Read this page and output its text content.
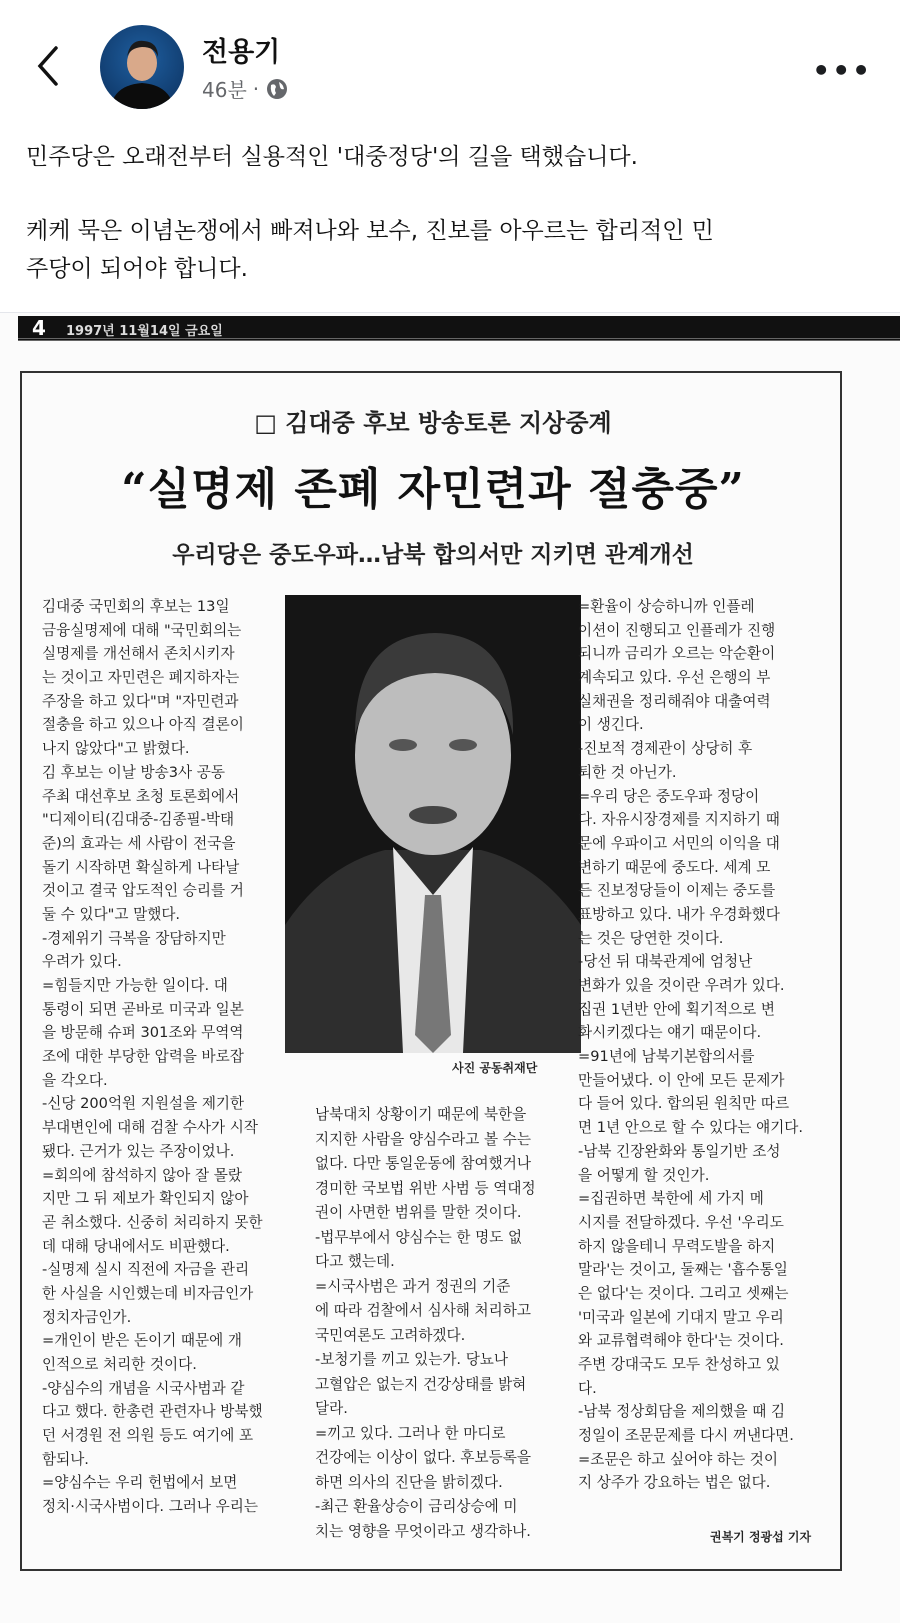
전용기
46분 ·
•••
민주당은 오래전부터 실용적인 '대중정당'의 길을 택했습니다.
케케 묵은 이념논쟁에서 빠져나와 보수, 진보를 아우르는 합리적인 민
주당이 되어야 합니다.
4 1997년 11월14일 금요일
□ 김대중 후보 방송토론 지상중계
“실명제 존폐 자민련과 절충중”
우리당은 중도우파…남북 합의서만 지키면 관계개선
사진 공동취재단
김대중 국민회의 후보는 13일
금융실명제에 대해 "국민회의는
실명제를 개선해서 존치시키자
는 것이고 자민련은 폐지하자는
주장을 하고 있다"며 "자민련과
절충을 하고 있으나 아직 결론이
나지 않았다"고 밝혔다.
김 후보는 이날 방송3사 공동
주최 대선후보 초청 토론회에서
"디제이티(김대중-김종필-박태
준)의 효과는 세 사람이 전국을
돌기 시작하면 확실하게 나타날
것이고 결국 압도적인 승리를 거
둘 수 있다"고 말했다.
-경제위기 극복을 장담하지만
우려가 있다.
=힘들지만 가능한 일이다. 대
통령이 되면 곧바로 미국과 일본
을 방문해 슈퍼 301조와 무역역
조에 대한 부당한 압력을 바로잡
을 각오다.
-신당 200억원 지원설을 제기한
부대변인에 대해 검찰 수사가 시작
됐다. 근거가 있는 주장이었나.
=회의에 참석하지 않아 잘 몰랐
지만 그 뒤 제보가 확인되지 않아
곧 취소했다. 신중히 처리하지 못한
데 대해 당내에서도 비판했다.
-실명제 실시 직전에 자금을 관리
한 사실을 시인했는데 비자금인가
정치자금인가.
=개인이 받은 돈이기 때문에 개
인적으로 처리한 것이다.
-양심수의 개념을 시국사범과 같
다고 했다. 한총련 관련자나 방북했
던 서경원 전 의원 등도 여기에 포
함되나.
=양심수는 우리 헌법에서 보면
정치·시국사범이다. 그러나 우리는
남북대치 상황이기 때문에 북한을
지지한 사람을 양심수라고 볼 수는
없다. 다만 통일운동에 참여했거나
경미한 국보법 위반 사범 등 역대정
권이 사면한 범위를 말한 것이다.
-법무부에서 양심수는 한 명도 없
다고 했는데.
=시국사범은 과거 정권의 기준
에 따라 검찰에서 심사해 처리하고
국민여론도 고려하겠다.
-보청기를 끼고 있는가. 당뇨나
고혈압은 없는지 건강상태를 밝혀
달라.
=끼고 있다. 그러나 한 마디로
건강에는 이상이 없다. 후보등록을
하면 의사의 진단을 밝히겠다.
-최근 환율상승이 금리상승에 미
치는 영향을 무엇이라고 생각하나.
=환율이 상승하니까 인플레
이션이 진행되고 인플레가 진행
되니까 금리가 오르는 악순환이
계속되고 있다. 우선 은행의 부
실채권을 정리해줘야 대출여력
이 생긴다.
-진보적 경제관이 상당히 후
퇴한 것 아닌가.
=우리 당은 중도우파 정당이
다. 자유시장경제를 지지하기 때
문에 우파이고 서민의 이익을 대
변하기 때문에 중도다. 세계 모
든 진보정당들이 이제는 중도를
표방하고 있다. 내가 우경화했다
는 것은 당연한 것이다.
-당선 뒤 대북관계에 엄청난
변화가 있을 것이란 우려가 있다.
집권 1년반 안에 획기적으로 변
화시키겠다는 얘기 때문이다.
=91년에 남북기본합의서를
만들어냈다. 이 안에 모든 문제가
다 들어 있다. 합의된 원칙만 따르
면 1년 안으로 할 수 있다는 얘기다.
-남북 긴장완화와 통일기반 조성
을 어떻게 할 것인가.
=집권하면 북한에 세 가지 메
시지를 전달하겠다. 우선 '우리도
하지 않을테니 무력도발을 하지
말라'는 것이고, 둘째는 '흡수통일
은 없다'는 것이다. 그리고 셋째는
'미국과 일본에 기대지 말고 우리
와 교류협력해야 한다'는 것이다.
주변 강대국도 모두 찬성하고 있
다.
-남북 정상회담을 제의했을 때 김
정일이 조문문제를 다시 꺼낸다면.
=조문은 하고 싶어야 하는 것이
지 상주가 강요하는 법은 없다.
권복기 정광섭 기자
